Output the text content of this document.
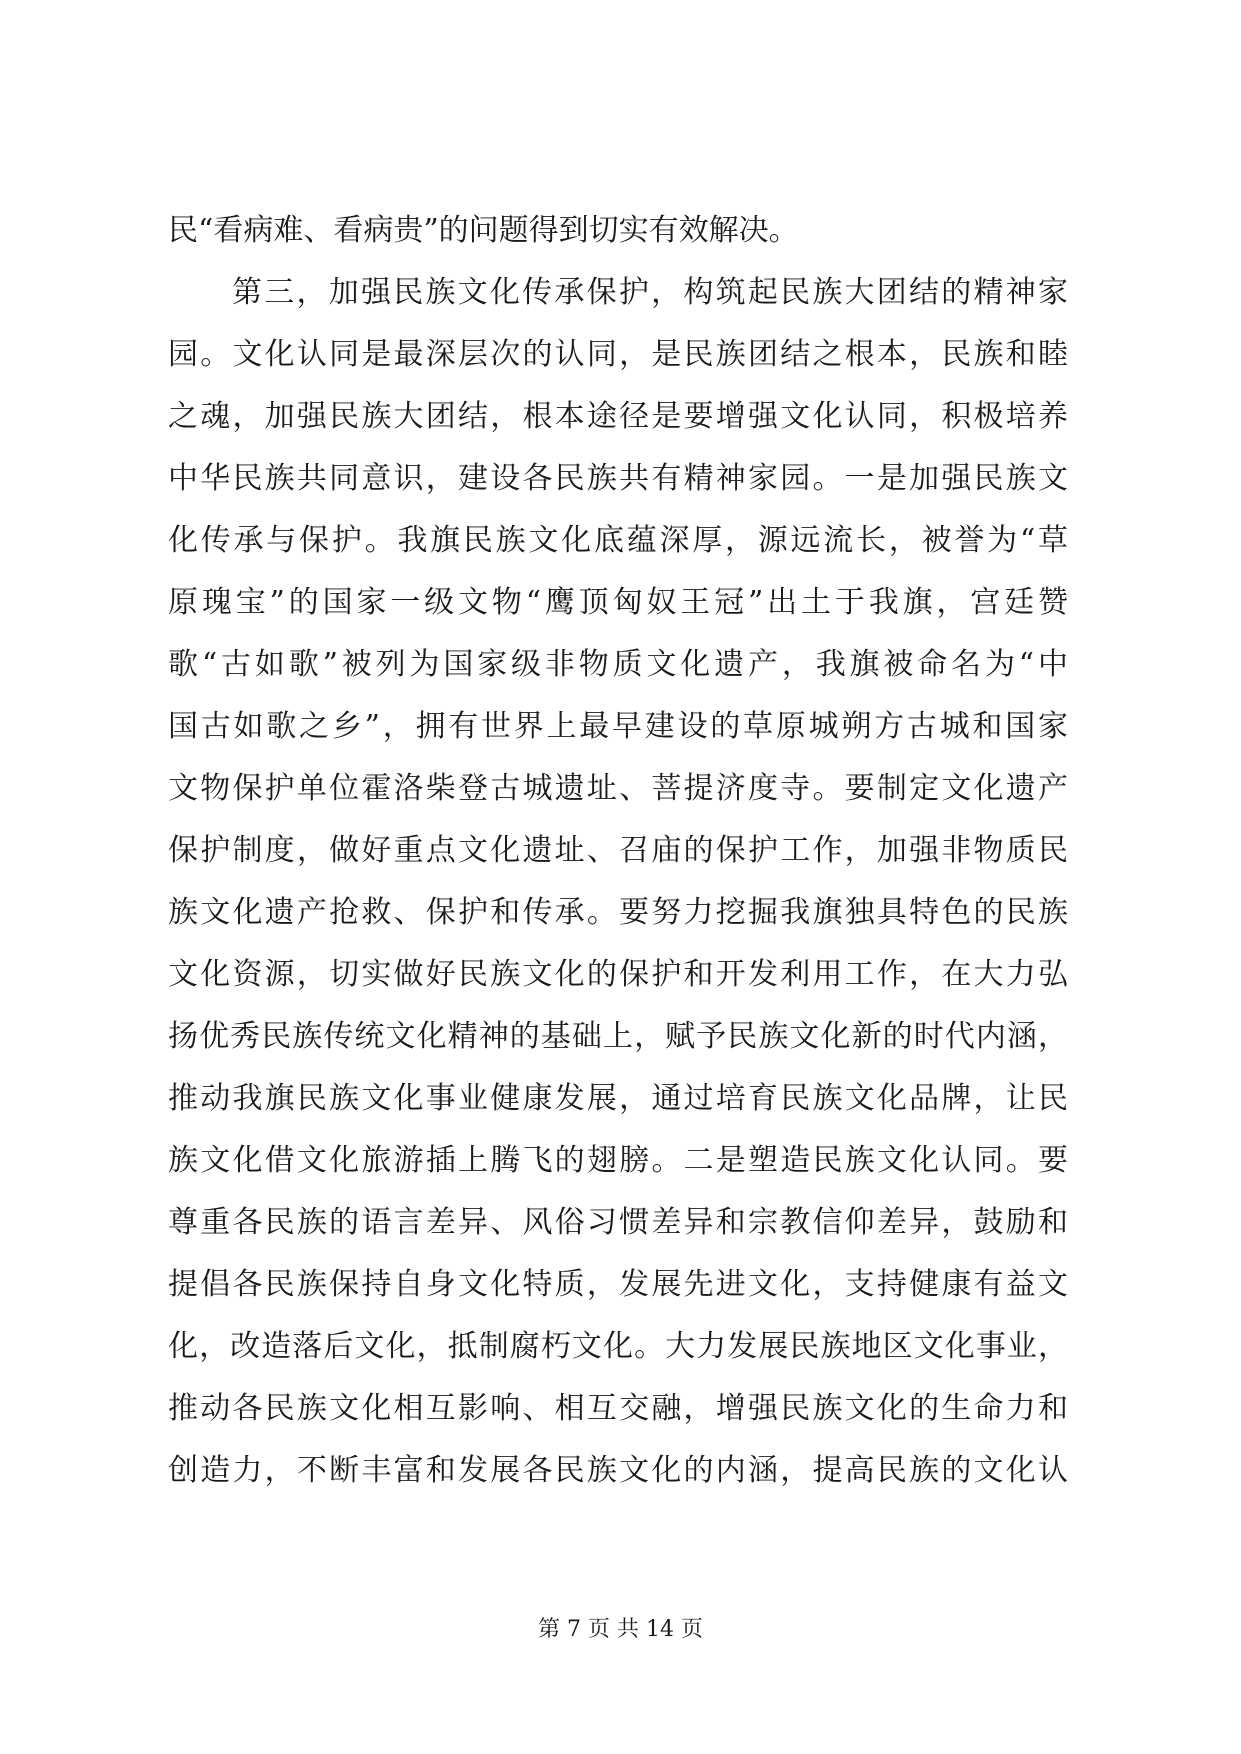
民“看病难、看病贵”的问题得到切实有效解决。
第三，加强民族文化传承保护，构筑起民族大团结的精神家
园。文化认同是最深层次的认同，是民族团结之根本，民族和睦
之魂，加强民族大团结，根本途径是要增强文化认同，积极培养
中华民族共同意识，建设各民族共有精神家园。一是加强民族文
化传承与保护。我旗民族文化底蕴深厚，源远流长，被誉为“草
原瑰宝”的国家一级文物“鹰顶匈奴王冠”出土于我旗，宫廷赞
歌“古如歌”被列为国家级非物质文化遗产，我旗被命名为“中
国古如歌之乡”，拥有世界上最早建设的草原城朔方古城和国家
文物保护单位霍洛柴登古城遗址、菩提济度寺。要制定文化遗产
保护制度，做好重点文化遗址、召庙的保护工作，加强非物质民
族文化遗产抢救、保护和传承。要努力挖掘我旗独具特色的民族
文化资源，切实做好民族文化的保护和开发利用工作，在大力弘
扬优秀民族传统文化精神的基础上，赋予民族文化新的时代内涵，
推动我旗民族文化事业健康发展，通过培育民族文化品牌，让民
族文化借文化旅游插上腾飞的翅膀。二是塑造民族文化认同。要
尊重各民族的语言差异、风俗习惯差异和宗教信仰差异，鼓励和
提倡各民族保持自身文化特质，发展先进文化，支持健康有益文
化，改造落后文化，抵制腐朽文化。大力发展民族地区文化事业，
推动各民族文化相互影响、相互交融，增强民族文化的生命力和
创造力，不断丰富和发展各民族文化的内涵，提高民族的文化认
第 7 页 共 14 页
